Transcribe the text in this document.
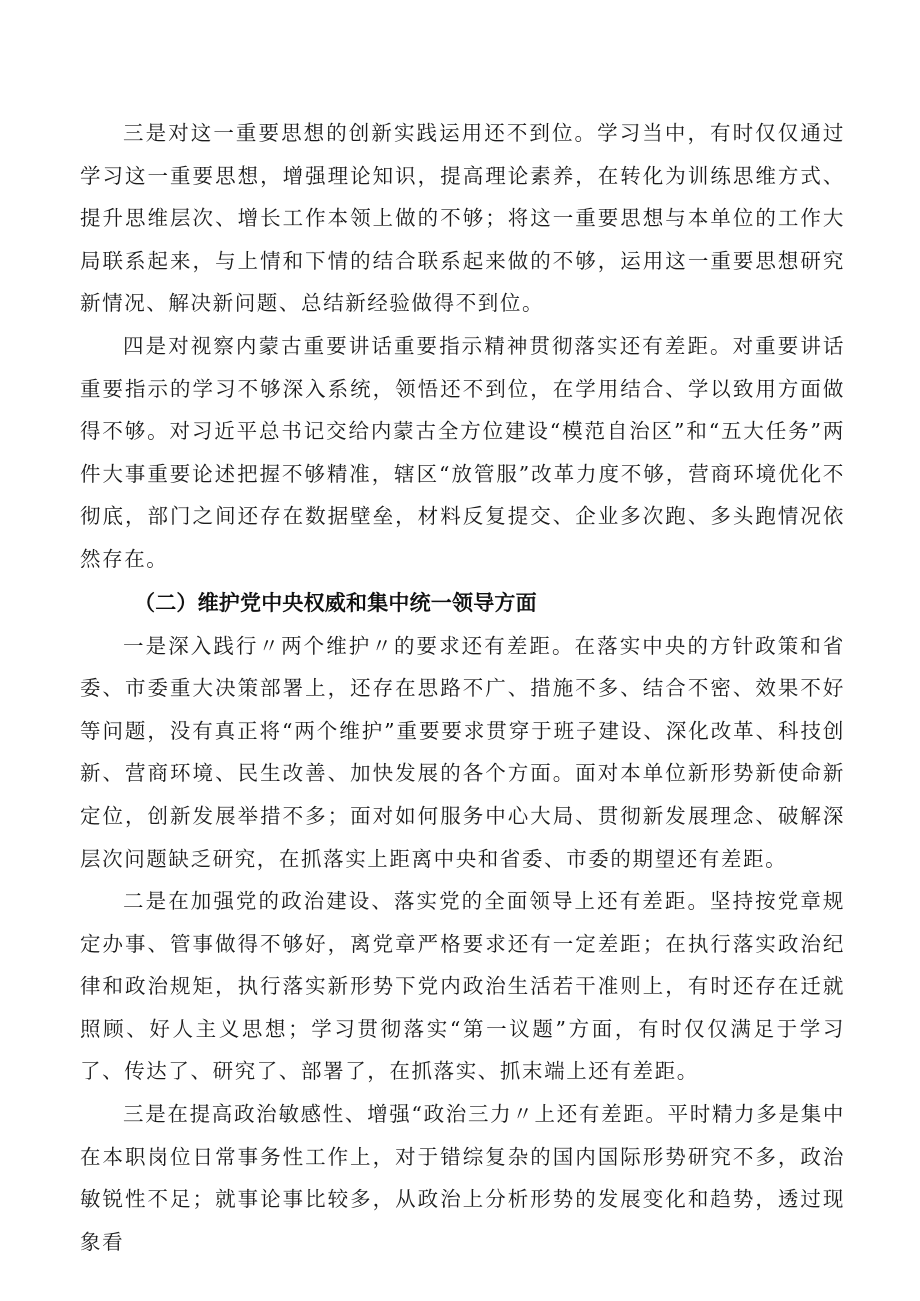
三是对这一重要思想的创新实践运用还不到位。学习当中，有时仅仅通过学习这一重要思想，增强理论知识，提高理论素养，在转化为训练思维方式、提升思维层次、增长工作本领上做的不够；将这一重要思想与本单位的工作大局联系起来，与上情和下情的结合联系起来做的不够，运用这一重要思想研究新情况、解决新问题、总结新经验做得不到位。

四是对视察内蒙古重要讲话重要指示精神贯彻落实还有差距。对重要讲话重要指示的学习不够深入系统，领悟还不到位，在学用结合、学以致用方面做得不够。对习近平总书记交给内蒙古全方位建设“模范自治区”和“五大任务”两件大事重要论述把握不够精准，辖区“放管服”改革力度不够，营商环境优化不彻底，部门之间还存在数据壁垒，材料反复提交、企业多次跑、多头跑情况依然存在。

（二）维护党中央权威和集中统一领导方面

一是深入践行〃两个维护〃的要求还有差距。在落实中央的方针政策和省委、市委重大决策部署上，还存在思路不广、措施不多、结合不密、效果不好等问题，没有真正将“两个维护”重要要求贯穿于班子建设、深化改革、科技创新、营商环境、民生改善、加快发展的各个方面。面对本单位新形势新使命新定位，创新发展举措不多；面对如何服务中心大局、贯彻新发展理念、破解深层次问题缺乏研究，在抓落实上距离中央和省委、市委的期望还有差距。

二是在加强党的政治建设、落实党的全面领导上还有差距。坚持按党章规定办事、管事做得不够好，离党章严格要求还有一定差距；在执行落实政治纪律和政治规矩，执行落实新形势下党内政治生活若干准则上，有时还存在迁就照顾、好人主义思想；学习贯彻落实“第一议题”方面，有时仅仅满足于学习了、传达了、研究了、部署了，在抓落实、抓末端上还有差距。

三是在提高政治敏感性、增强“政治三力〃上还有差距。平时精力多是集中在本职岗位日常事务性工作上，对于错综复杂的国内国际形势研究不多，政治敏锐性不足；就事论事比较多，从政治上分析形势的发展变化和趋势，透过现象看
